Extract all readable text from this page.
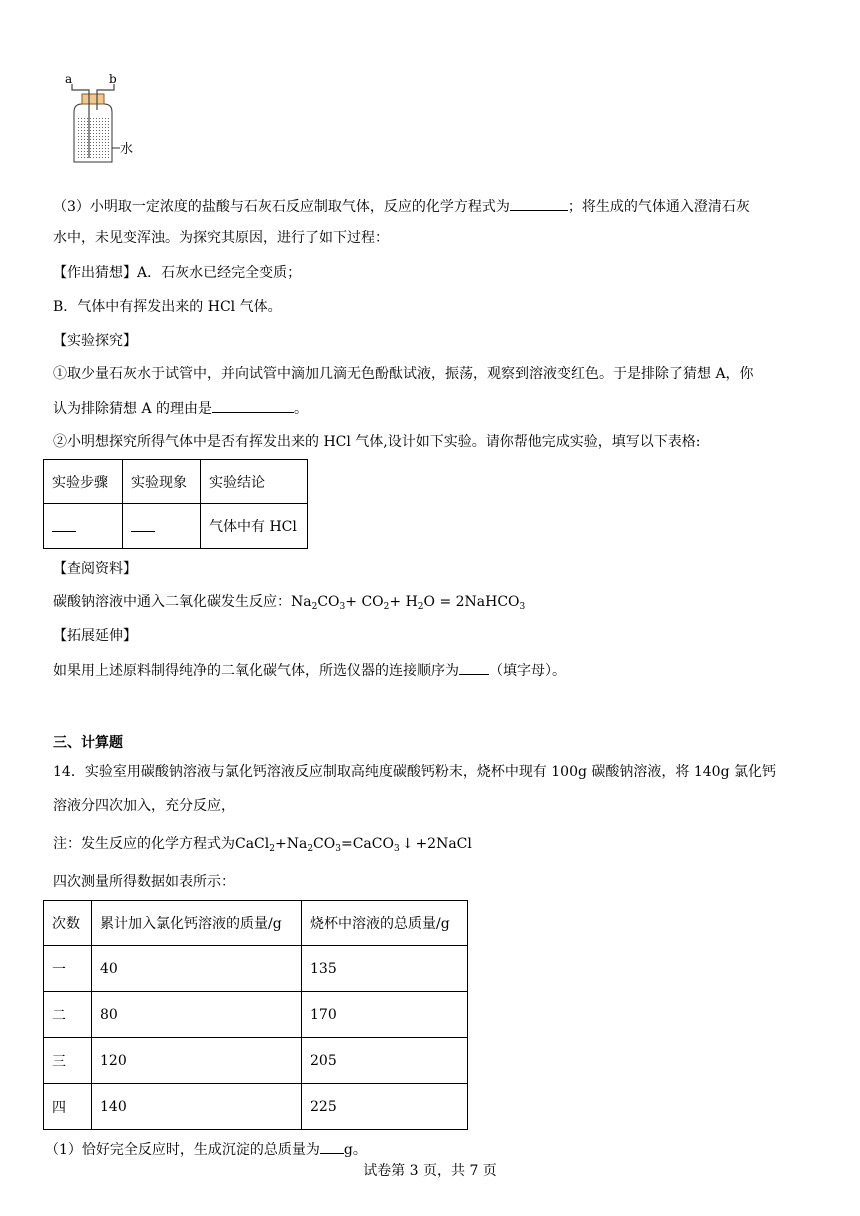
a	b
水
（3）小明取一定浓度的盐酸与石灰石反应制取气体，反应的化学方程式为	；将生成的气体通入澄清石灰
水中，未见变浑浊。为探究其原因，进行了如下过程：
【作出猜想】A．石灰水已经完全变质；
B．气体中有挥发出来的 HCl 气体。
【实验探究】
①取少量石灰水于试管中，并向试管中滴加几滴无色酚酞试液，振荡，观察到溶液变红色。于是排除了猜想 A，你
认为排除猜想 A 的理由是	。
②小明想探究所得气体中是否有挥发出来的 HCl 气体,设计如下实验。请你帮他完成实验，填写以下表格:
实验步骤	实验现象	实验结论
		气体中有 HCl
【查阅资料】
碳酸钠溶液中通入二氧化碳发生反应：$Na_2CO_3+ CO_2+ H_2O$ = 2NaHCO$_3$
【拓展延伸】
如果用上述原料制得纯净的二氧化碳气体，所选仪器的连接顺序为 （填字母）。
三、计算题
14．实验室用碳酸钠溶液与氯化钙溶液反应制取高纯度碳酸钙粉末，烧杯中现有 100g 碳酸钠溶液，将 140g 氯化钙
溶液分四次加入，充分反应，
注：发生反应的化学方程式为$CaCl_2+Na_2CO_3=CaCO_3$ ↓ +2NaCl
四次测量所得数据如表所示：
次数	累计加入氯化钙溶液的质量/g	烧杯中溶液的总质量/g
一	40	135
二	80	170
三	120	205
四	140	225
（1）恰好完全反应时，生成沉淀的总质量为 g。
试卷第 3 页，共 7 页
